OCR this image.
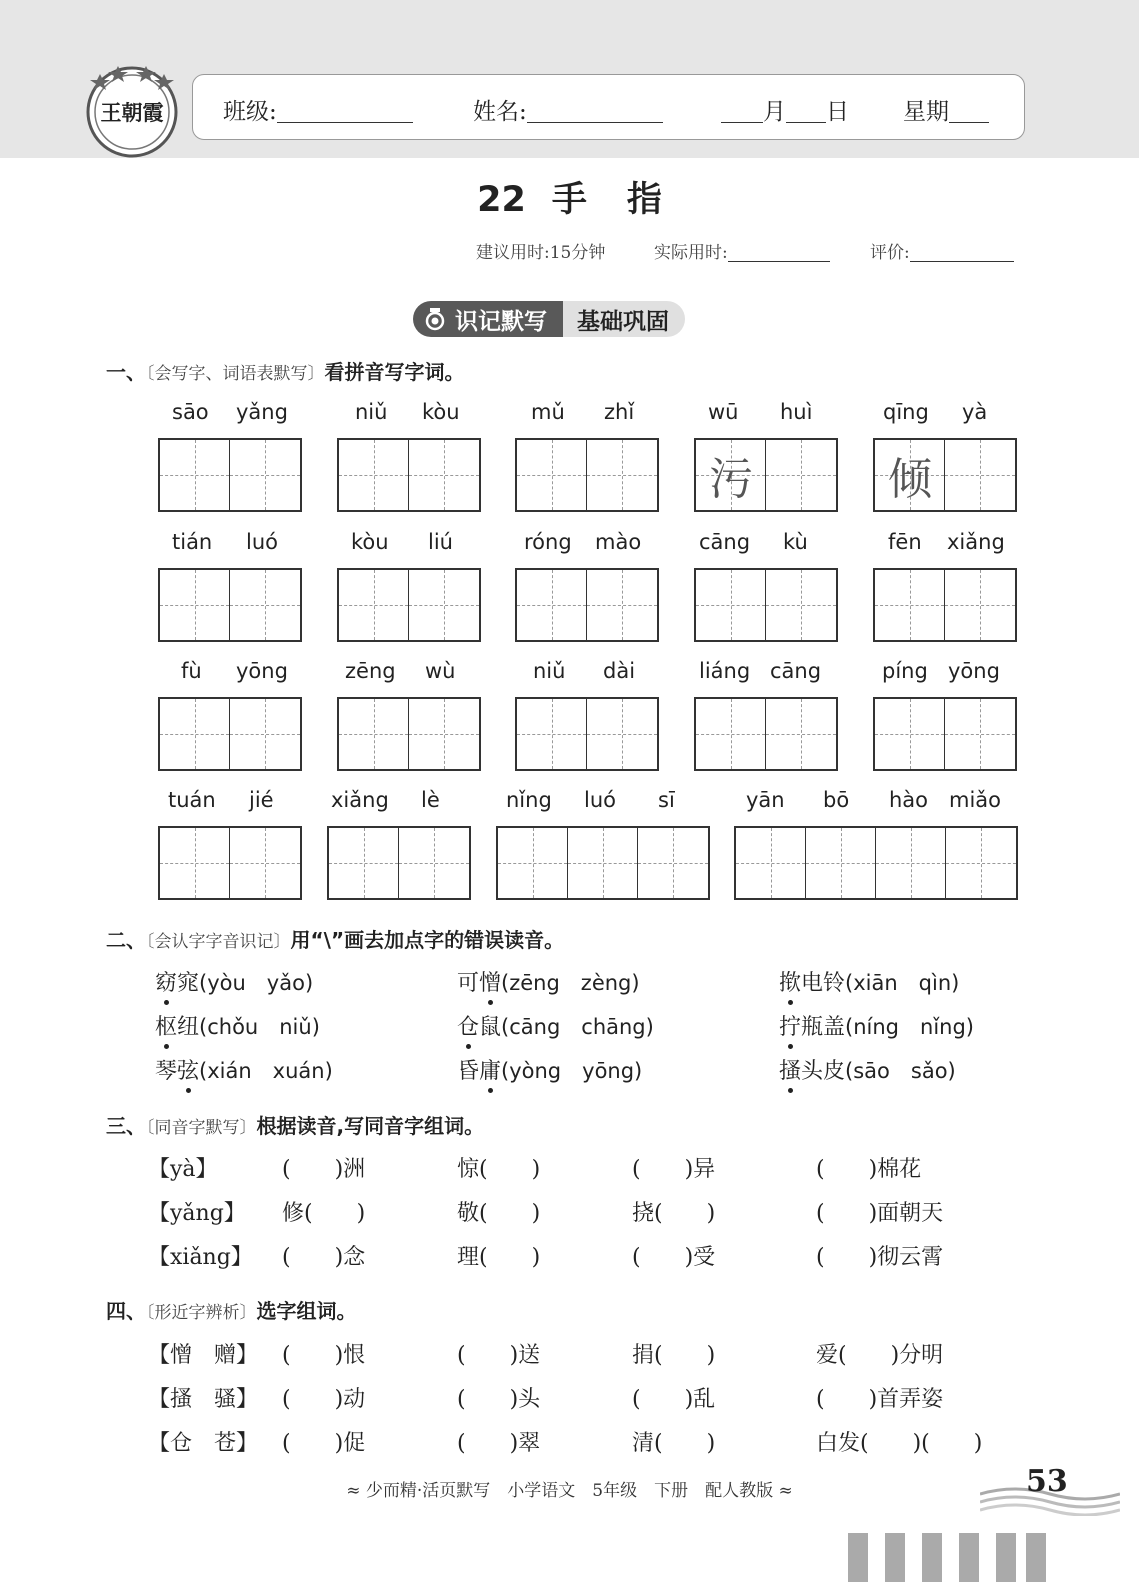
王朝霞	班级:	姓名:	月 日 星期
22 手 指
建议用时:15分钟	实际用时:	评价:
识记默写 基础巩固
一、〔会写字、词语表默写〕看拼音写字词。
sāo yǎng	niǔ kòu	mǔ zhǐ	wū huì	qīng yà
污	倾
tián luó	kòu liú	róng mào	cāng kù	fēn xiǎng
fù yōng	zēng wù	niǔ dài	liáng cāng	píng yōng
tuán jié	xiǎng lè	nǐng luó sī	yān bō hào miǎo
二、〔会认字字音识记〕用“\”画去加点字的错误读音。
窈窕(yòu　yǎo)	可憎(zēng　zèng)	揿电铃(xiān　qìn)
枢纽(chǒu　niǔ)	仓鼠(cāng　chāng)	拧瓶盖(níng　nǐng)
琴弦(xián　xuán)	昏庸(yòng　yōng)	搔头皮(sāo　sǎo)
三、〔同音字默写〕根据读音,写同音字组词。
【yà】	(　　)洲	惊(　　)	(　　)异	(　　)棉花
【yǎng】 修(　　)	敬(　　)	挠(　　)	(　　)面朝天
【xiǎng】 (　　)念	理(　　)	(　　)受	(　　)彻云霄
四、〔形近字辨析〕选字组词。
【憎　赠】 (　　)恨	(　　)送	捐(　　)	爱(　　)分明
【搔　骚】 (　　)动	(　　)头	(　　)乱	(　　)首弄姿
【仓　苍】 (　　)促	(　　)翠	清(　　)	白发(　　)(　　)
≈ 少而精·活页默写　小学语文　5年级　下册　配人教版 ≈	53
